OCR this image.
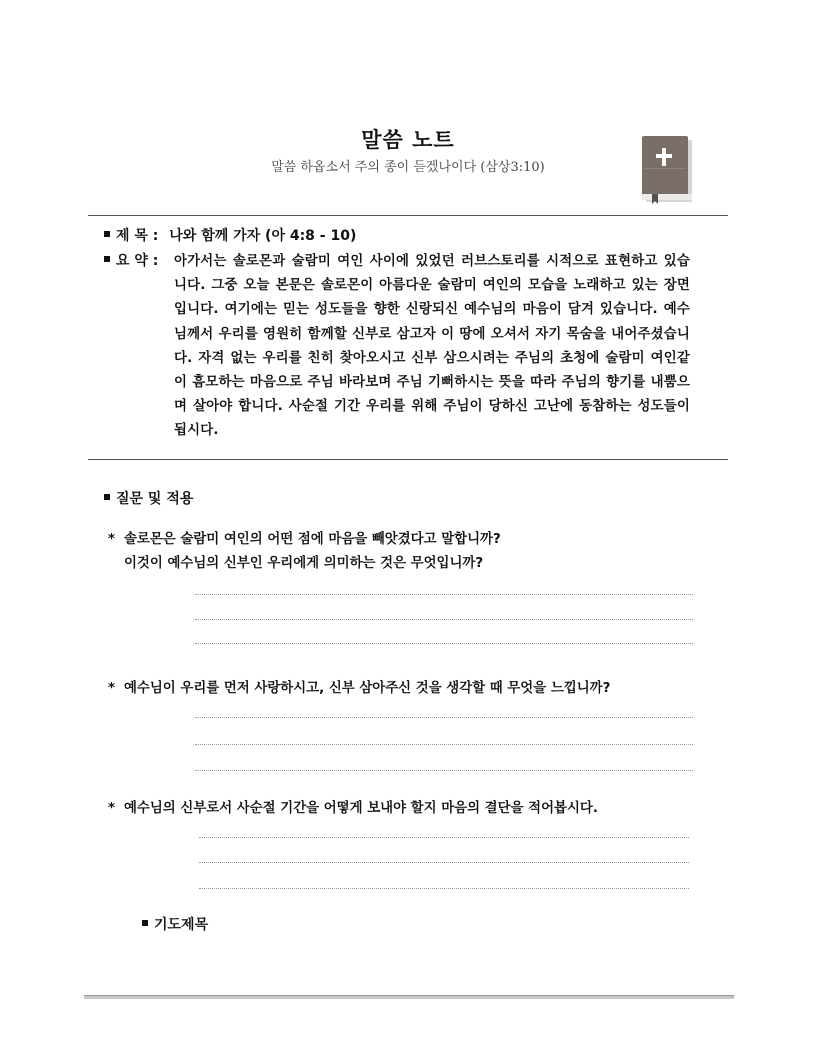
말씀 노트
말씀 하옵소서 주의 종이 듣겠나이다 (삼상3:10)
제 목 : 나와 함께 가자 (아 4:8 - 10)
요 약 : 아가서는 솔로몬과 술람미 여인 사이에 있었던 러브스토리를 시적으로 표현하고 있습니다. 그중 오늘 본문은 솔로몬이 아름다운 술람미 여인의 모습을 노래하고 있는 장면입니다. 여기에는 믿는 성도들을 향한 신랑되신 예수님의 마음이 담겨 있습니다. 예수님께서 우리를 영원히 함께할 신부로 삼고자 이 땅에 오셔서 자기 목숨을 내어주셨습니다. 자격 없는 우리를 친히 찾아오시고 신부 삼으시려는 주님의 초청에 술람미 여인같이 흠모하는 마음으로 주님 바라보며 주님 기뻐하시는 뜻을 따라 주님의 향기를 내뿜으며 살아야 합니다. 사순절 기간 우리를 위해 주님이 당하신 고난에 동참하는 성도들이 됩시다.
질문 및 적용
* 솔로몬은 술람미 여인의 어떤 점에 마음을 빼앗겼다고 말합니까?
이것이 예수님의 신부인 우리에게 의미하는 것은 무엇입니까?
* 예수님이 우리를 먼저 사랑하시고, 신부 삼아주신 것을 생각할 때 무엇을 느낍니까?
* 예수님의 신부로서 사순절 기간을 어떻게 보내야 할지 마음의 결단을 적어봅시다.
기도제목
